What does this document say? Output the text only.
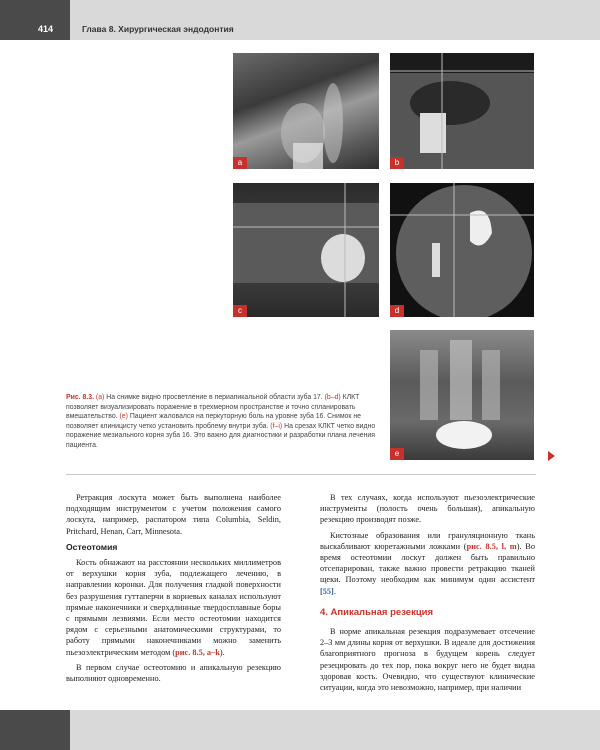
414	Глава 8. Хирургическая эндодонтия
a	b
c	d
e
Рис. 8.3. (a) На снимке видно просветление в периапикальной области зуба 17. (b–d) КЛКТ позволяет визуализировать поражение в трехмерном пространстве и точно спланировать вмешательство. (e) Пациент жаловался на перкуторную боль на уровне зуба 16. Снимок не позволяет клиницисту четко установить проблему внутри зуба. (f–i) На срезах КЛКТ четко видно поражение мезиального корня зуба 16. Это важно для диагностики и разработки плана лечения пациента.

Ретракция лоскута может быть выполнена наиболее подходящим инструментом с учетом положения самого лоскута, например, распатором типа Columbia, Seldin, Pritchard, Henan, Carr, Minnesota.

Остеотомия

Кость обнажают на расстоянии нескольких миллиметров от верхушки корня зуба, подлежащего лечению, в направлении коронки. Для получения гладкой поверхности без разрушения гуттаперчи в корневых каналах используют прямые наконечники и сверхдлинные твердосплавные боры с прямыми лезвиями. Если место остеотомии находится рядом с серьезными анатомическими структурами, то работу прямыми наконечниками можно заменить пьезоэлектрическим методом (рис. 8.5, a–k).

В первом случае остеотомию и апикальную резекцию выполняют одновременно.

В тех случаях, когда используют пьезоэлектрические инструменты (полость очень большая), апикальную резекцию производят позже.

Кистозные образования или грануляционную ткань выскабливают кюретажными ложками (рис. 8.5, l, m). Во время остеотомии лоскут должен быть правильно отсепарирован, также важно провести ретракцию тканей щеки. Поэтому необходим как минимум один ассистент [55].

4. Апикальная резекция

В норме апикальная резекция подразумевает отсечение 2–3 мм длины корня от верхушки. В идеале для достижения благоприятного прогноза в будущем корень следует резецировать до тех пор, пока вокруг него не будет видна здоровая кость. Очевидно, что существуют клинические ситуации, когда это невозможно, например, при наличии
